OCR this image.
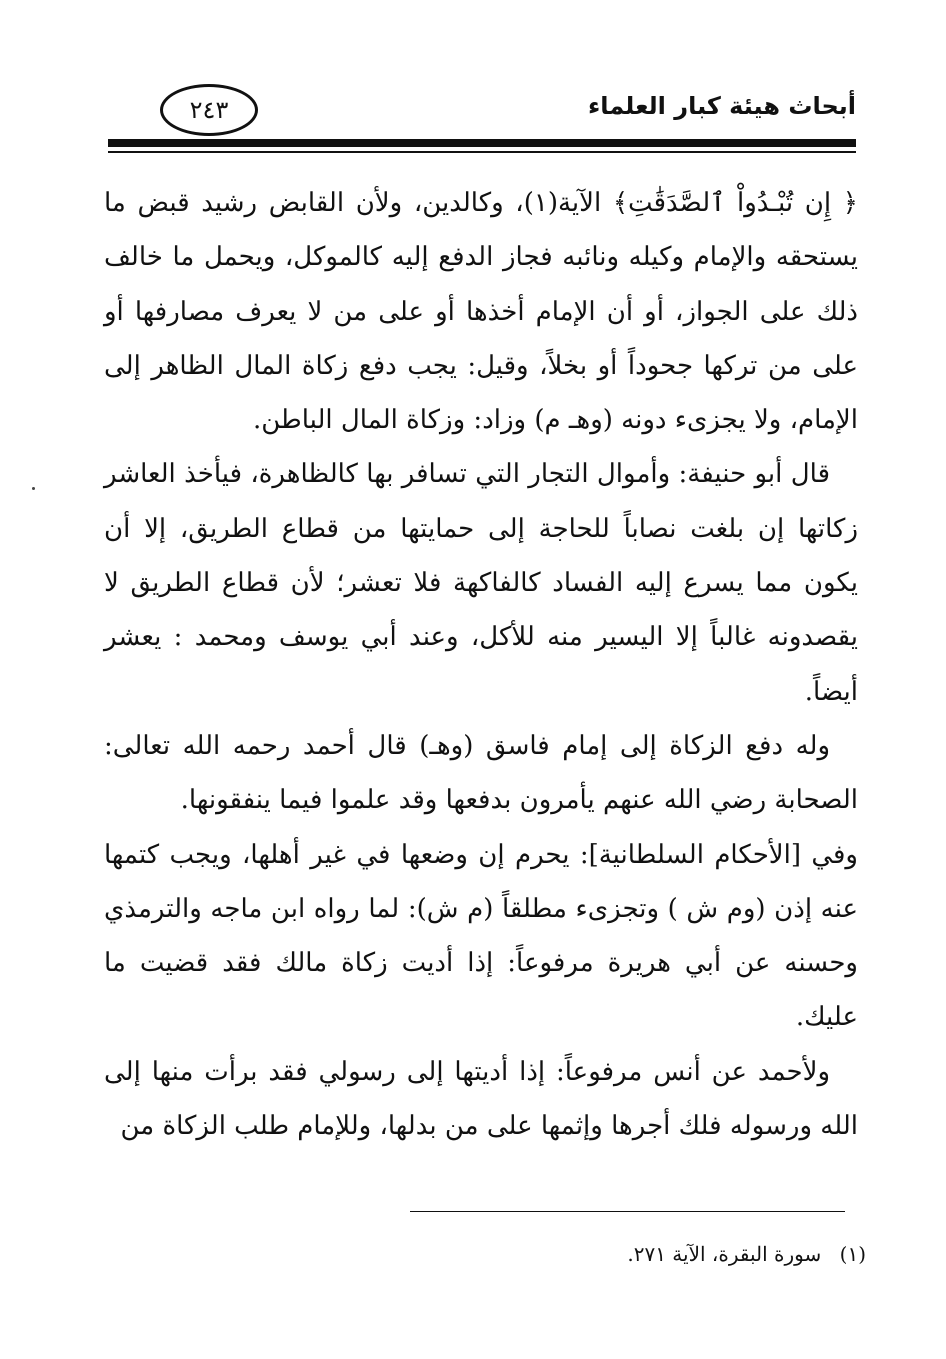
أبحاث هيئة كبار العلماء
٢٤٣

﴿ إِن تُبْـدُواْ ٱلصَّدَقَٰتِ﴾ الآية(١)، وكالدين، ولأن القابض رشيد قبض ما يستحقه والإمام وكيله ونائبه فجاز الدفع إليه كالموكل، ويحمل ما خالف ذلك على الجواز، أو أن الإمام أخذها أو على من لا يعرف مصارفها أو على من تركها جحوداً أو بخلاً، وقيل: يجب دفع زكاة المال الظاهر إلى الإمام، ولا يجزىء دونه (وهـ م) وزاد: وزكاة المال الباطن.

قال أبو حنيفة: وأموال التجار التي تسافر بها كالظاهرة، فيأخذ العاشر زكاتها إن بلغت نصاباً للحاجة إلى حمايتها من قطاع الطريق، إلا أن يكون مما يسرع إليه الفساد كالفاكهة فلا تعشر؛ لأن قطاع الطريق لا يقصدونه غالباً إلا اليسير منه للأكل، وعند أبي يوسف ومحمد : يعشر أيضاً.

وله دفع الزكاة إلى إمام فاسق (وهـ) قال أحمد رحمه الله تعالى: الصحابة رضي الله عنهم يأمرون بدفعها وقد علموا فيما ينفقونها.

وفي [الأحكام السلطانية]: يحرم إن وضعها في غير أهلها، ويجب كتمها عنه إذن (وم ش ) وتجزىء مطلقاً (م ش): لما رواه ابن ماجه والترمذي وحسنه عن أبي هريرة مرفوعاً: إذا أديت زكاة مالك فقد قضيت ما عليك.

ولأحمد عن أنس مرفوعاً: إذا أديتها إلى رسولي فقد برأت منها إلى الله ورسوله فلك أجرها وإثمها على من بدلها، وللإمام طلب الزكاة من

(١) سورة البقرة، الآية ٢٧١.
